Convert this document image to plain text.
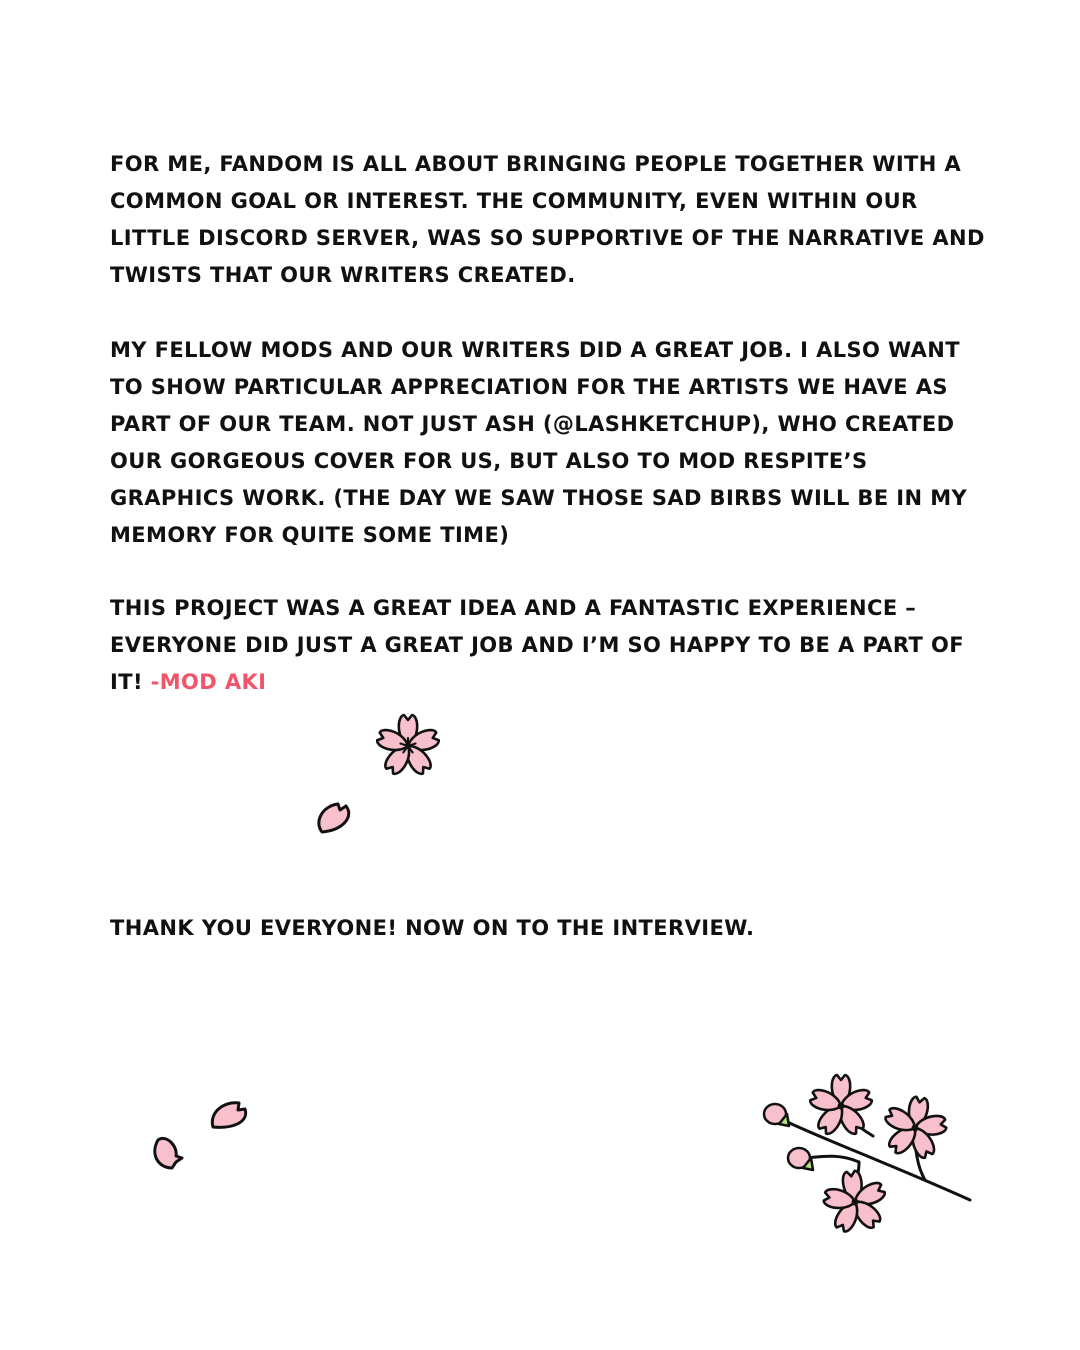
FOR ME, FANDOM IS ALL ABOUT BRINGING PEOPLE TOGETHER WITH A COMMON GOAL OR INTEREST. THE COMMUNITY, EVEN WITHIN OUR LITTLE DISCORD SERVER, WAS SO SUPPORTIVE OF THE NARRATIVE AND TWISTS THAT OUR WRITERS CREATED.

MY FELLOW MODS AND OUR WRITERS DID A GREAT JOB. I ALSO WANT TO SHOW PARTICULAR APPRECIATION FOR THE ARTISTS WE HAVE AS PART OF OUR TEAM. NOT JUST ASH (@LASHKETCHUP), WHO CREATED OUR GORGEOUS COVER FOR US, BUT ALSO TO MOD RESPITE’S GRAPHICS WORK. (THE DAY WE SAW THOSE SAD BIRBS WILL BE IN MY MEMORY FOR QUITE SOME TIME)

THIS PROJECT WAS A GREAT IDEA AND A FANTASTIC EXPERIENCE – EVERYONE DID JUST A GREAT JOB AND I’M SO HAPPY TO BE A PART OF IT! -MOD AKI

THANK YOU EVERYONE! NOW ON TO THE INTERVIEW.
